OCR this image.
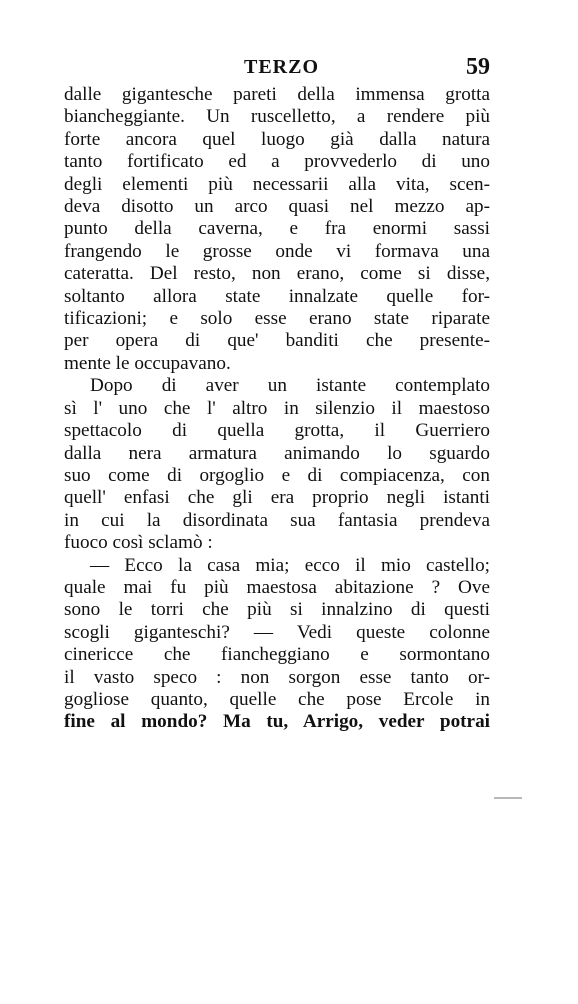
TERZO	59
dalle gigantesche pareti della immensa grotta
biancheggiante. Un ruscelletto, a rendere più
forte ancora quel luogo già dalla natura
tanto fortificato ed a provvederlo di uno
degli elementi più necessarii alla vita, scen-
deva disotto un arco quasi nel mezzo ap-
punto della caverna, e fra enormi sassi
frangendo le grosse onde vi formava una
cateratta. Del resto, non erano, come si disse,
soltanto allora state innalzate quelle for-
tificazioni; e solo esse erano state riparate
per opera di que' banditi che presente-
mente le occupavano.
Dopo di aver un istante contemplato
sì l' uno che l' altro in silenzio il maestoso
spettacolo di quella grotta, il Guerriero
dalla nera armatura animando lo sguardo
suo come di orgoglio e di compiacenza, con
quell' enfasi che gli era proprio negli istanti
in cui la disordinata sua fantasia prendeva
fuoco così sclamò :
— Ecco la casa mia; ecco il mio castello;
quale mai fu più maestosa abitazione ? Ove
sono le torri che più si innalzino di questi
scogli giganteschi? — Vedi queste colonne
cinericce che fiancheggiano e sormontano
il vasto speco : non sorgon esse tanto or-
gogliose quanto, quelle che pose Ercole in
fine al mondo? Ma tu, Arrigo, veder potrai
